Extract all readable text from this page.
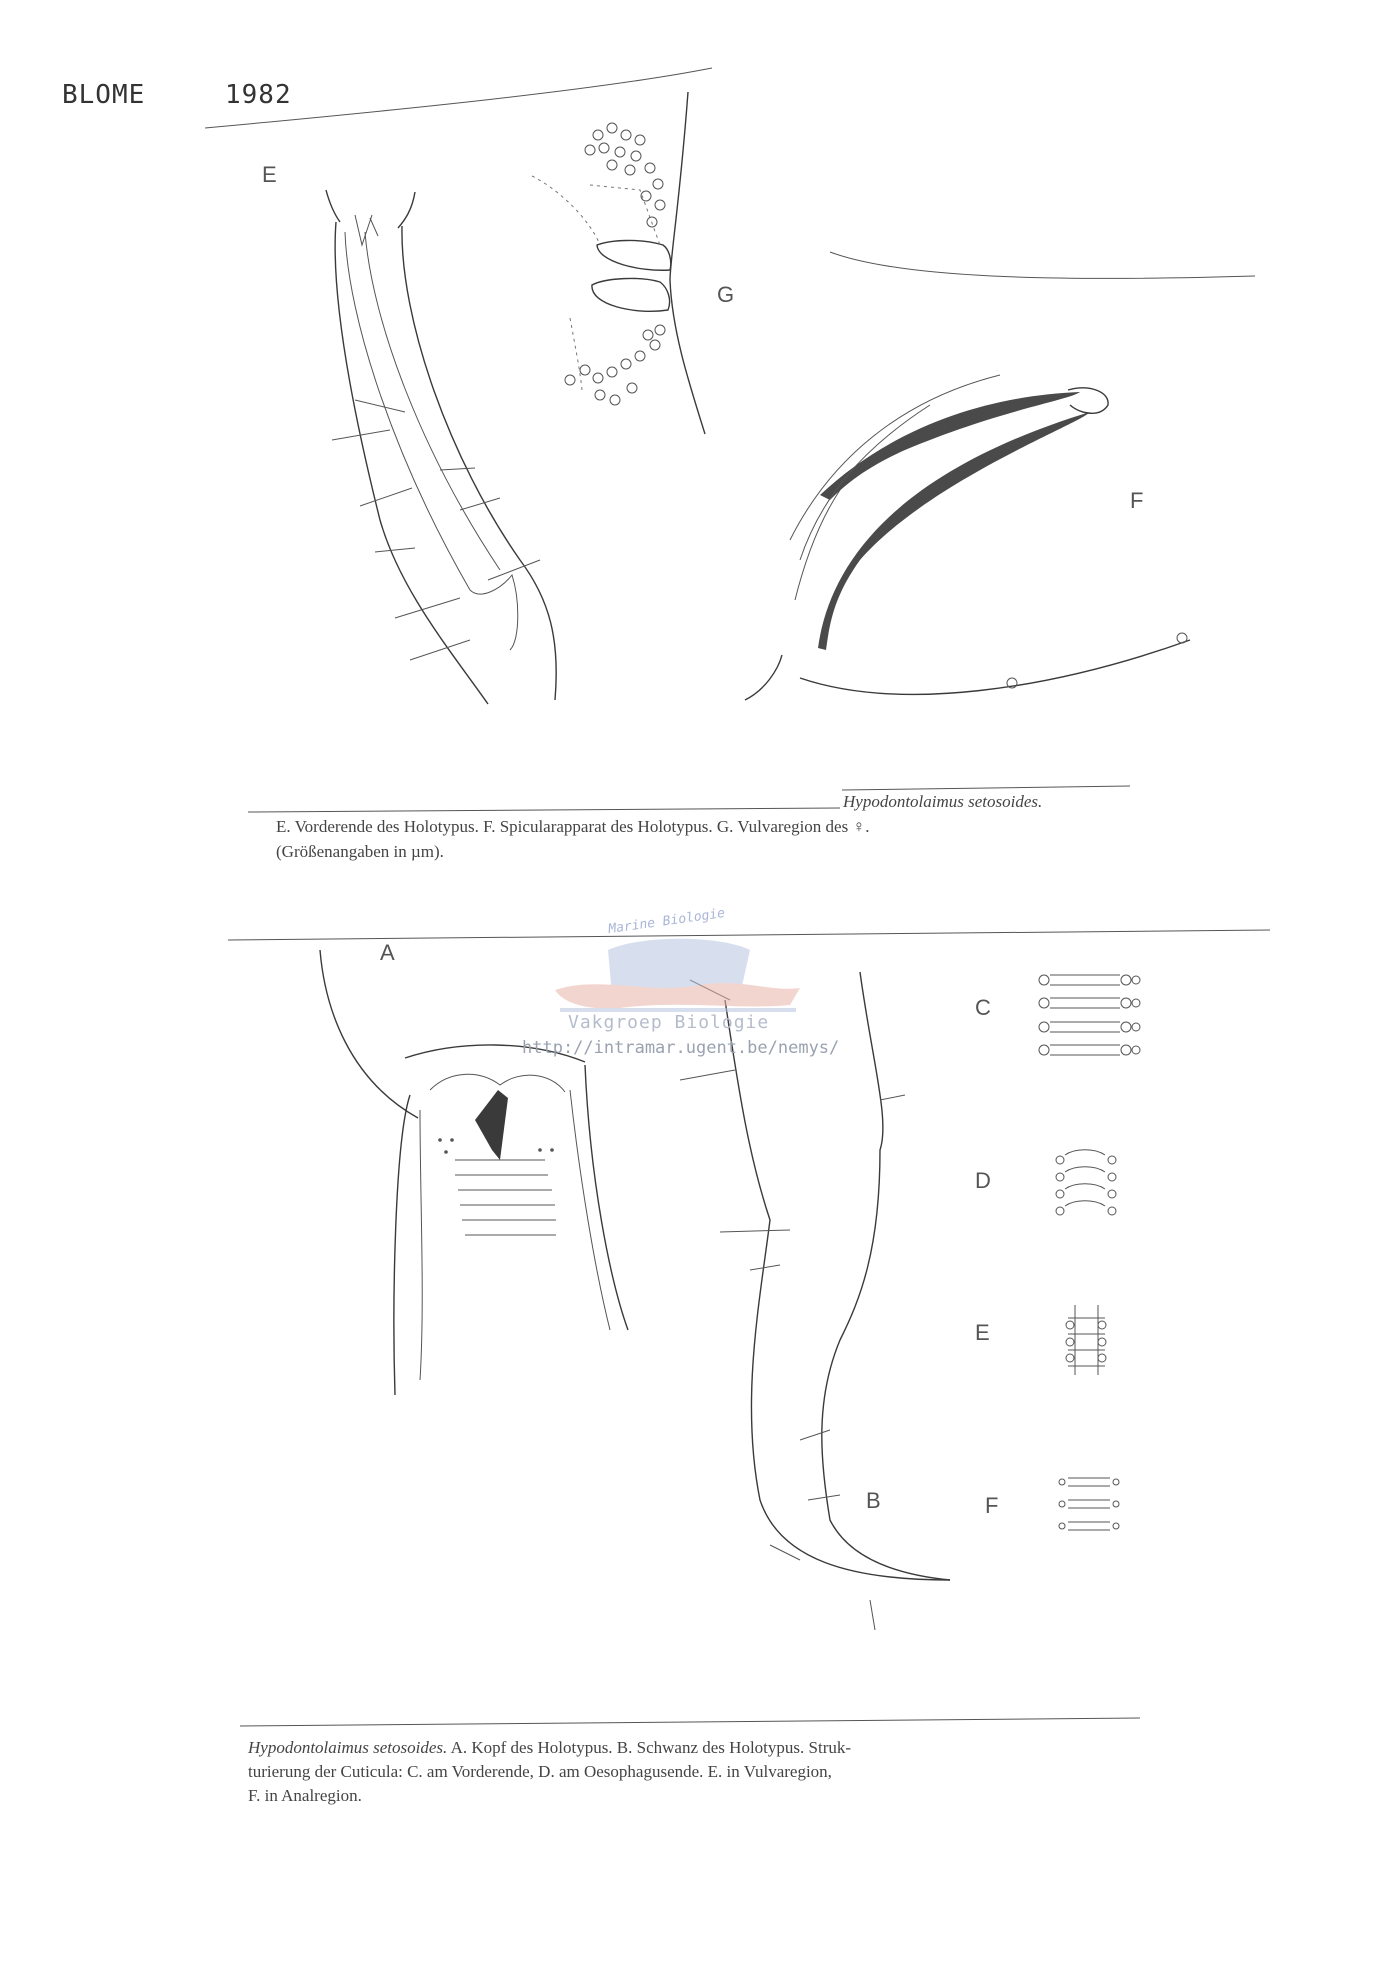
BLOME	1982
E
G
F
Hypodontolaimus setosoides.
E. Vorderende des Holotypus. F. Spicularapparat des Holotypus. G. Vulvaregion des ♀.
(Größenangaben in µm).
Marine Biologie
Vakgroep Biologie
http://intramar.ugent.be/nemys/
A
C
D
E
B	F
Hypodontolaimus setosoides. A. Kopf des Holotypus. B. Schwanz des Holotypus. Struk-
turierung der Cuticula: C. am Vorderende, D. am Oesophagusende. E. in Vulvaregion,
F. in Analregion.
